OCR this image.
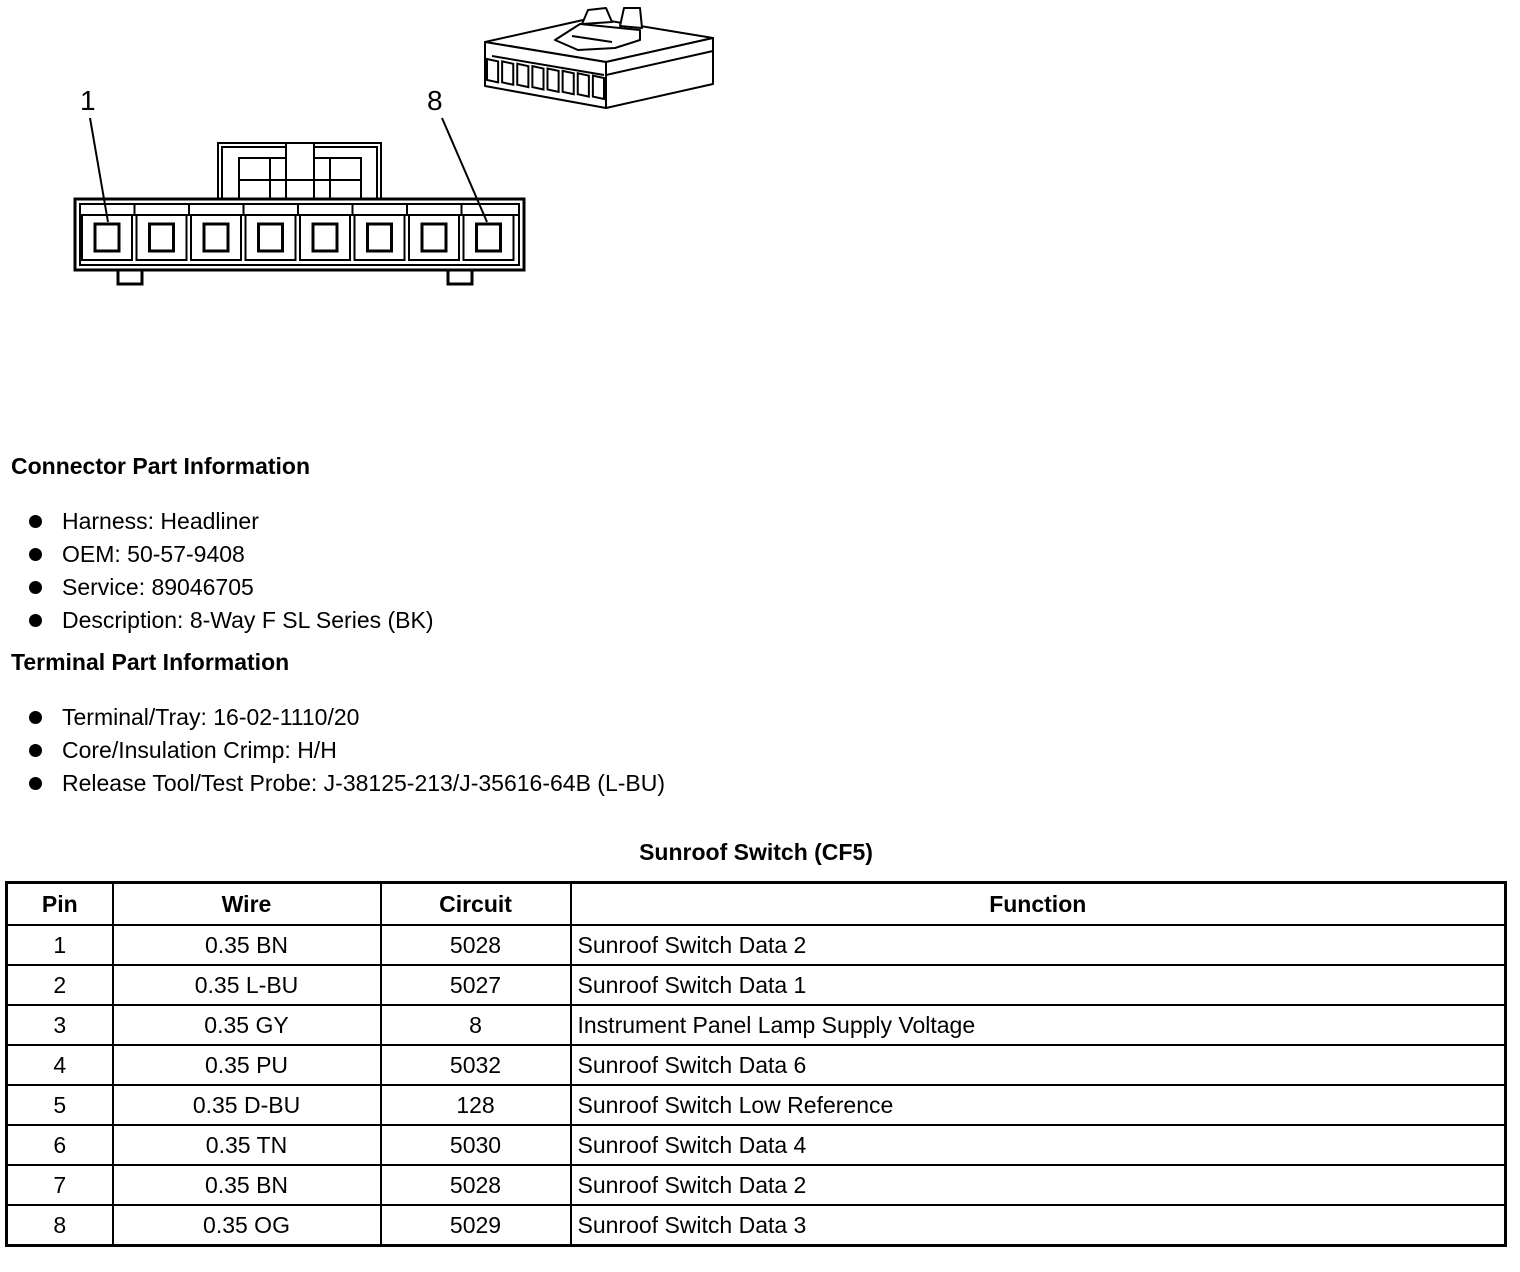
1	8
Connector Part Information
Harness: Headliner
OEM: 50-57-9408
Service: 89046705
Description: 8-Way F SL Series (BK)
Terminal Part Information
Terminal/Tray: 16-02-1110/20
Core/Insulation Crimp: H/H
Release Tool/Test Probe: J-38125-213/J-35616-64B (L-BU)
Sunroof Switch (CF5)
Pin	Wire	Circuit	Function
1	0.35 BN	5028	Sunroof Switch Data 2
2	0.35 L-BU	5027	Sunroof Switch Data 1
3	0.35 GY	8	Instrument Panel Lamp Supply Voltage
4	0.35 PU	5032	Sunroof Switch Data 6
5	0.35 D-BU	128	Sunroof Switch Low Reference
6	0.35 TN	5030	Sunroof Switch Data 4
7	0.35 BN	5028	Sunroof Switch Data 2
8	0.35 OG	5029	Sunroof Switch Data 3
